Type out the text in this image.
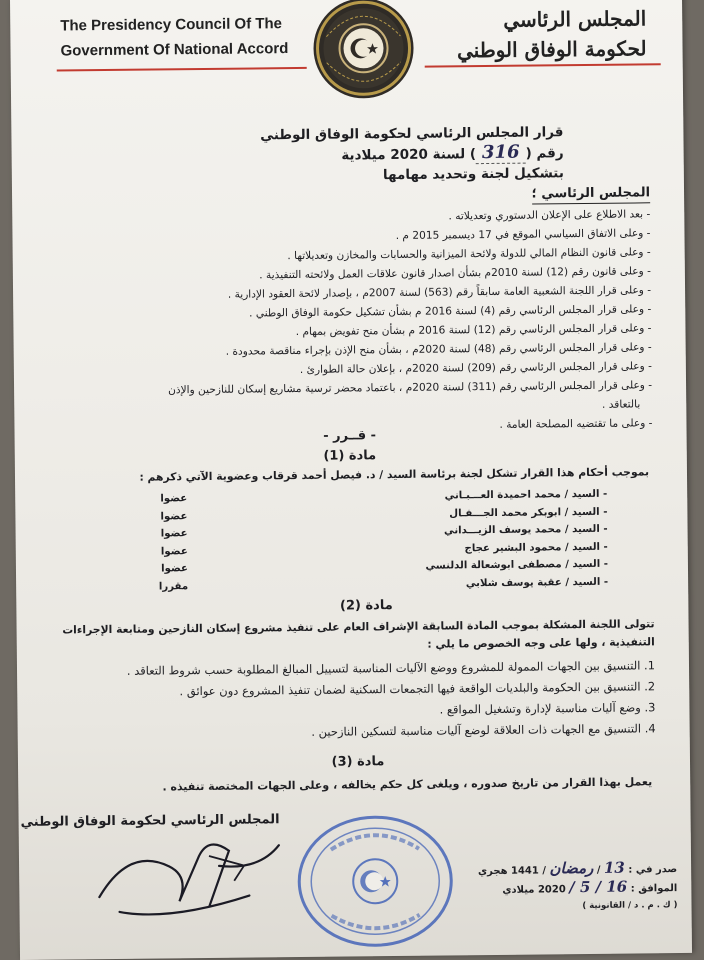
The Presidency Council Of The
Government Of National Accord
المجلس الرئاسي
لحكومة الوفاق الوطني
قرار المجلس الرئاسي لحكومة الوفاق الوطني
رقم (316) لسنة 2020 ميلادية
بتشكيل لجنة وتحديد مهامها
المجلس الرئاسي ؛
- بعد الاطلاع على الإعلان الدستوري وتعديلاته .
- وعلى الاتفاق السياسي الموقع في 17 ديسمبر 2015 م .
- وعلى قانون النظام المالي للدولة ولائحة الميزانية والحسابات والمخازن وتعديلاتها .
- وعلى قانون رقم (12) لسنة 2010م بشأن اصدار قانون علاقات العمل ولائحته التنفيذية .
- وعلى قرار اللجنة الشعبية العامة سابقاً رقم (563) لسنة 2007م ، بإصدار لائحة العقود الإدارية .
- وعلى قرار المجلس الرئاسي رقم (4) لسنة 2016 م بشأن تشكيل حكومة الوفاق الوطني .
- وعلى قرار المجلس الرئاسي رقم (12) لسنة 2016 م بشأن منح تفويض بمهام .
- وعلى قرار المجلس الرئاسي رقم (48) لسنة 2020م ، بشأن منح الإذن بإجراء مناقصة محدودة .
- وعلى قرار المجلس الرئاسي رقم (209) لسنة 2020م ، بإعلان حالة الطوارئ .
- وعلى قرار المجلس الرئاسي رقم (311) لسنة 2020م ، باعتماد محضر ترسية مشاريع إسكان للنازحين والإذن
بالتعاقد .
- وعلى ما تقتضيه المصلحة العامة .
- قــرر -
مادة (1)
بموجب أحكام هذا القرار تشكل لجنة برئاسة السيد / د. فيصل أحمد قرقاب وعضوية الآتي ذكرهم :
- السيد / محمد احميدة العـــبـاني
عضوا
- السيد / ابوبكر محمد الجـــفـال
عضوا
- السيد / محمد يوسف الزيـــداني
عضوا
- السيد / محمود البشير عجاج
عضوا
- السيد / مصطفى ابوشعالة الدلنسي
عضوا
- السيد / عقبة يوسف شلابي
مقررا
مادة (2)
تتولى اللجنة المشكلة بموجب المادة السابقة الإشراف العام على تنفيذ مشروع إسكان النازحين ومتابعة الإجراءات التنفيذية ، ولها على وجه الخصوص ما يلي :
1. التنسيق بين الجهات الممولة للمشروع ووضع الآليات المناسبة لتسييل المبالغ المطلوبة حسب شروط التعاقد .
2. التنسيق بين الحكومة والبلديات الواقعة فيها التجمعات السكنية لضمان تنفيذ المشروع دون عوائق .
3. وضع آليات مناسبة لإدارة وتشغيل المواقع .
4. التنسيق مع الجهات ذات العلاقة لوضع آليات مناسبة لتسكين النازحين .
مادة (3)
يعمل بهذا القرار من تاريخ صدوره ، ويلغى كل حكم يخالفه ، وعلى الجهات المختصة تنفيذه .
المجلس الرئاسي لحكومة الوفاق الوطني
صدر في : 13 / رمضان / 1441 هجري
الموافق : 16 / 5 / 2020 ميلادي
( ك . م . د / القانونية )
